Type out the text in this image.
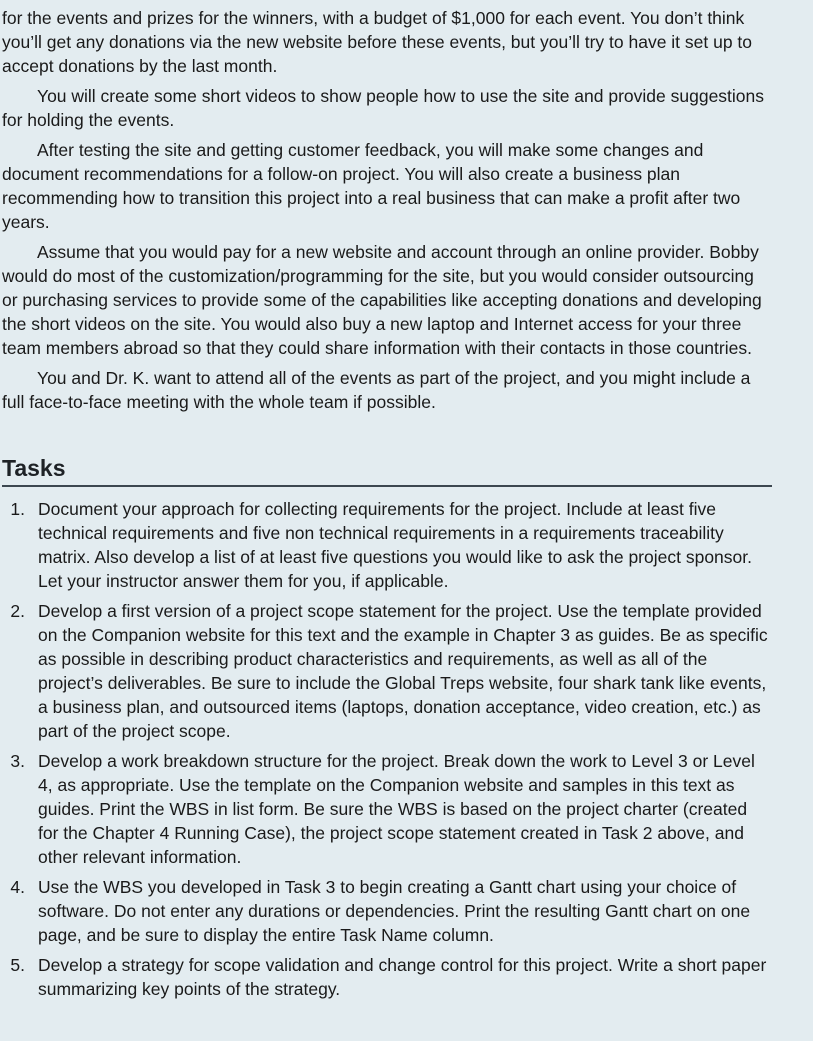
for the events and prizes for the winners, with a budget of $1,000 for each event. You don’t think you’ll get any donations via the new website before these events, but you’ll try to have it set up to accept donations by the last month.

You will create some short videos to show people how to use the site and provide suggestions for holding the events.

After testing the site and getting customer feedback, you will make some changes and document recommendations for a follow-on project. You will also create a business plan recommending how to transition this project into a real business that can make a profit after two years.

Assume that you would pay for a new website and account through an online provider. Bobby would do most of the customization/programming for the site, but you would consider outsourcing or purchasing services to provide some of the capabilities like accepting donations and developing the short videos on the site. You would also buy a new laptop and Internet access for your three team members abroad so that they could share information with their contacts in those countries.

You and Dr. K. want to attend all of the events as part of the project, and you might include a full face-to-face meeting with the whole team if possible.

Tasks
1. Document your approach for collecting requirements for the project. Include at least five technical requirements and five non technical requirements in a requirements traceability matrix. Also develop a list of at least five questions you would like to ask the project sponsor. Let your instructor answer them for you, if applicable.
2. Develop a first version of a project scope statement for the project. Use the template provided on the Companion website for this text and the example in Chapter 3 as guides. Be as specific as possible in describing product characteristics and requirements, as well as all of the project’s deliverables. Be sure to include the Global Treps website, four shark tank like events, a business plan, and outsourced items (laptops, donation acceptance, video creation, etc.) as part of the project scope.
3. Develop a work breakdown structure for the project. Break down the work to Level 3 or Level 4, as appropriate. Use the template on the Companion website and samples in this text as guides. Print the WBS in list form. Be sure the WBS is based on the project charter (created for the Chapter 4 Running Case), the project scope statement created in Task 2 above, and other relevant information.
4. Use the WBS you developed in Task 3 to begin creating a Gantt chart using your choice of software. Do not enter any durations or dependencies. Print the resulting Gantt chart on one page, and be sure to display the entire Task Name column.
5. Develop a strategy for scope validation and change control for this project. Write a short paper summarizing key points of the strategy.
